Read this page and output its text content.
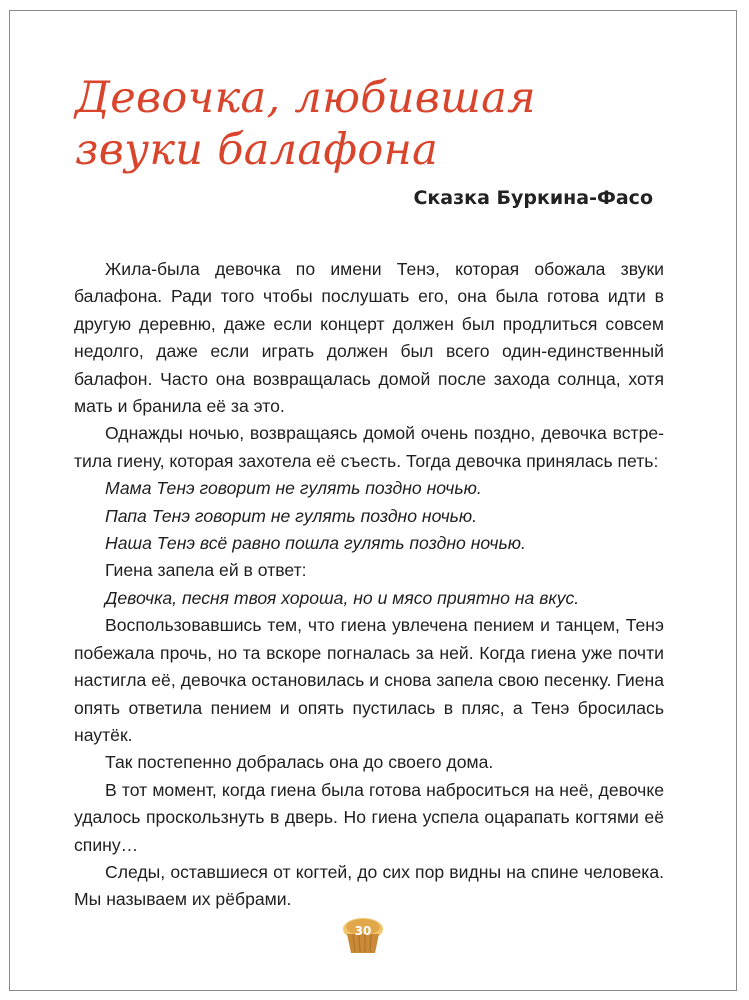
Девочка, любившая
звуки балафона
Сказка Буркина-Фасо

Жила-была девочка по имени Тенэ, которая обожала звуки балафона. Ради того чтобы послушать его, она была готова идти в другую деревню, даже если концерт должен был продлиться совсем недолго, даже если играть должен был всего один-единственный балафон. Часто она возвращалась домой после захода солнца, хотя мать и бранила её за это.

Однажды ночью, возвращаясь домой очень поздно, девочка встретила гиену, которая захотела её съесть. Тогда девочка принялась петь:

Мама Тенэ говорит не гулять поздно ночью.

Папа Тенэ говорит не гулять поздно ночью.

Наша Тенэ всё равно пошла гулять поздно ночью.

Гиена запела ей в ответ:

Девочка, песня твоя хороша, но и мясо приятно на вкус.

Воспользовавшись тем, что гиена увлечена пением и танцем, Тенэ побежала прочь, но та вскоре погналась за ней. Когда гиена уже почти настигла её, девочка остановилась и снова запела свою песенку. Гиена опять ответила пением и опять пустилась в пляс, а Тенэ бросилась наутёк.

Так постепенно добралась она до своего дома.

В тот момент, когда гиена была готова наброситься на неё, девочке удалось проскользнуть в дверь. Но гиена успела оцарапать когтями её спину…

Следы, оставшиеся от когтей, до сих пор видны на спине человека. Мы называем их рёбрами.

30
